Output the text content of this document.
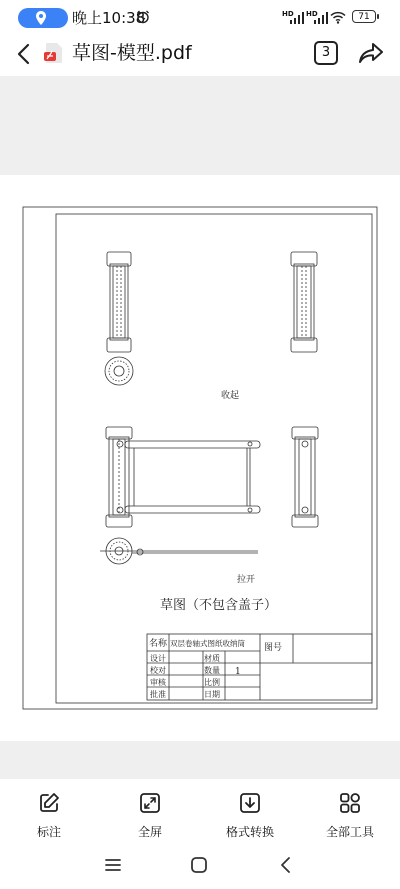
晚上10:38	HD HD	71
草图-模型.pdf	3
收起
拉开
草图（不包含盖子）
名称 双层卷轴式图纸收纳筒 图号
设计	材质
校对	数量 1
审核	比例
批准	日期
标注	全屏	格式转换	全部工具
